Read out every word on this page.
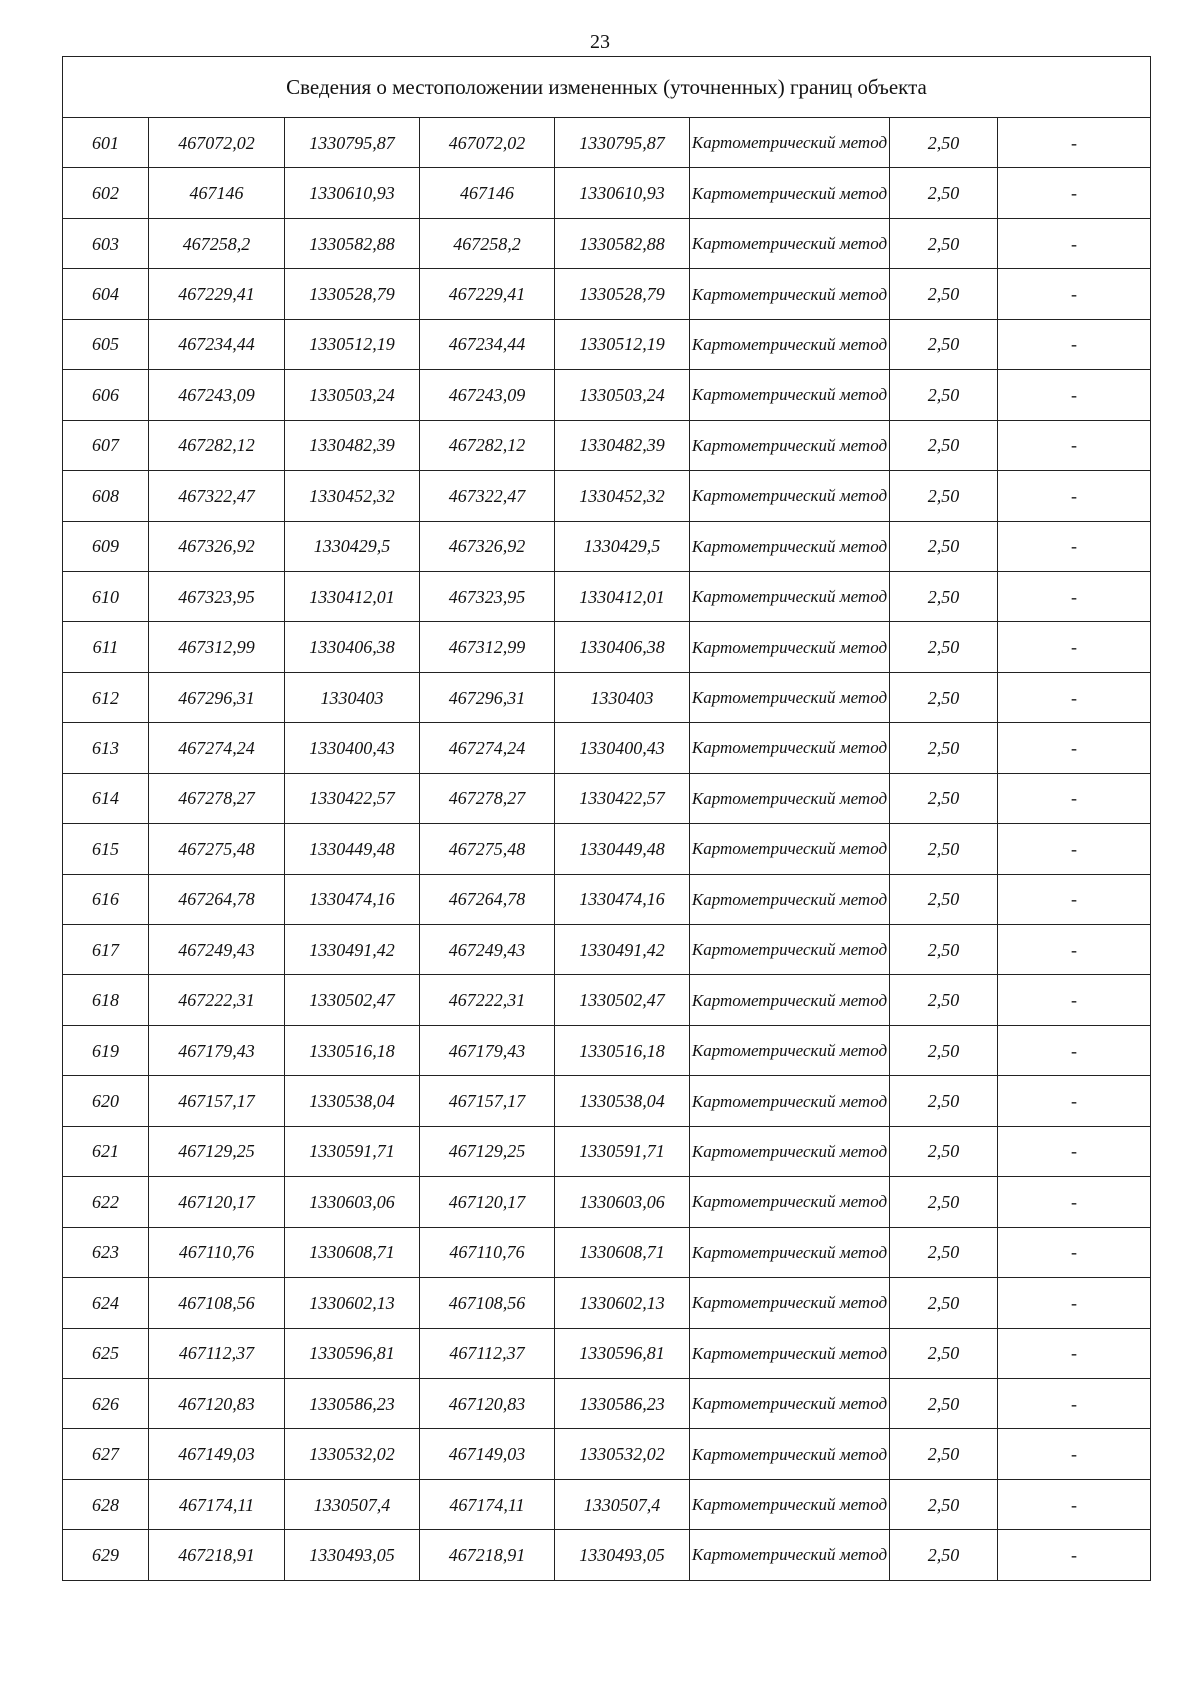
23
Сведения о местоположении измененных (уточненных) границ объекта							
601	467072,02	1330795,87	467072,02	1330795,87	Картометрический метод	2,50	-
602	467146	1330610,93	467146	1330610,93	Картометрический метод	2,50	-
603	467258,2	1330582,88	467258,2	1330582,88	Картометрический метод	2,50	-
604	467229,41	1330528,79	467229,41	1330528,79	Картометрический метод	2,50	-
605	467234,44	1330512,19	467234,44	1330512,19	Картометрический метод	2,50	-
606	467243,09	1330503,24	467243,09	1330503,24	Картометрический метод	2,50	-
607	467282,12	1330482,39	467282,12	1330482,39	Картометрический метод	2,50	-
608	467322,47	1330452,32	467322,47	1330452,32	Картометрический метод	2,50	-
609	467326,92	1330429,5	467326,92	1330429,5	Картометрический метод	2,50	-
610	467323,95	1330412,01	467323,95	1330412,01	Картометрический метод	2,50	-
611	467312,99	1330406,38	467312,99	1330406,38	Картометрический метод	2,50	-
612	467296,31	1330403	467296,31	1330403	Картометрический метод	2,50	-
613	467274,24	1330400,43	467274,24	1330400,43	Картометрический метод	2,50	-
614	467278,27	1330422,57	467278,27	1330422,57	Картометрический метод	2,50	-
615	467275,48	1330449,48	467275,48	1330449,48	Картометрический метод	2,50	-
616	467264,78	1330474,16	467264,78	1330474,16	Картометрический метод	2,50	-
617	467249,43	1330491,42	467249,43	1330491,42	Картометрический метод	2,50	-
618	467222,31	1330502,47	467222,31	1330502,47	Картометрический метод	2,50	-
619	467179,43	1330516,18	467179,43	1330516,18	Картометрический метод	2,50	-
620	467157,17	1330538,04	467157,17	1330538,04	Картометрический метод	2,50	-
621	467129,25	1330591,71	467129,25	1330591,71	Картометрический метод	2,50	-
622	467120,17	1330603,06	467120,17	1330603,06	Картометрический метод	2,50	-
623	467110,76	1330608,71	467110,76	1330608,71	Картометрический метод	2,50	-
624	467108,56	1330602,13	467108,56	1330602,13	Картометрический метод	2,50	-
625	467112,37	1330596,81	467112,37	1330596,81	Картометрический метод	2,50	-
626	467120,83	1330586,23	467120,83	1330586,23	Картометрический метод	2,50	-
627	467149,03	1330532,02	467149,03	1330532,02	Картометрический метод	2,50	-
628	467174,11	1330507,4	467174,11	1330507,4	Картометрический метод	2,50	-
629	467218,91	1330493,05	467218,91	1330493,05	Картометрический метод	2,50	-
